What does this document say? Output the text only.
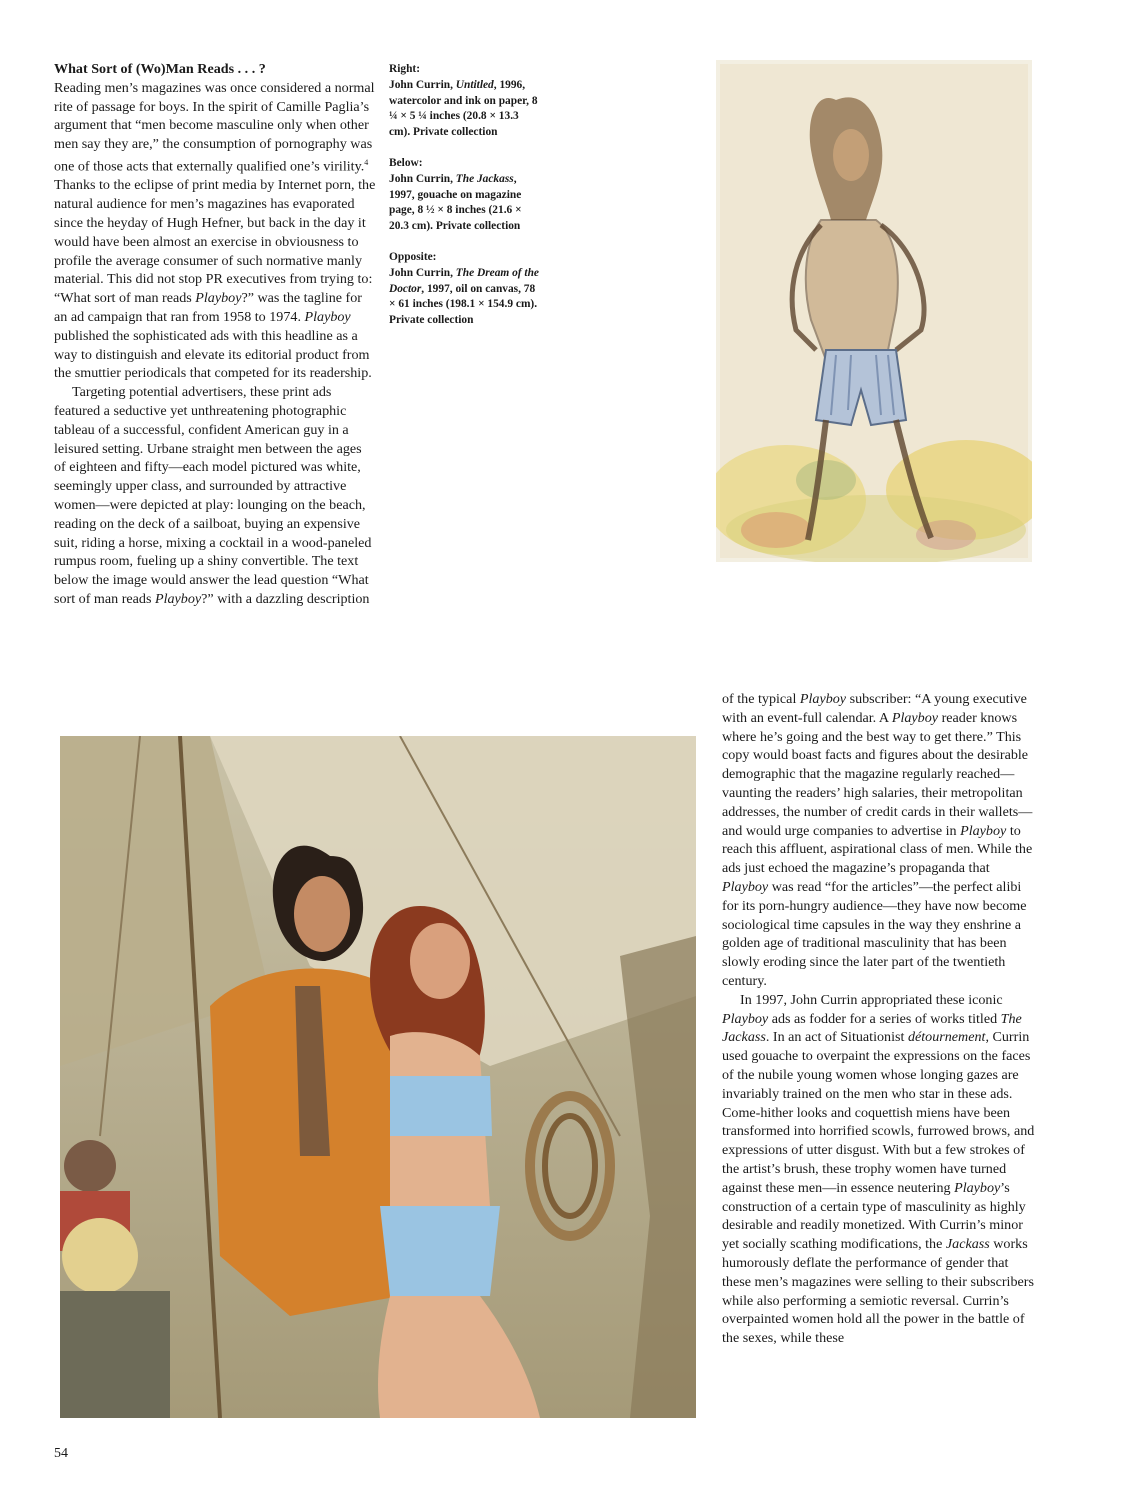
What Sort of (Wo)Man Reads . . . ?

Reading men’s magazines was once considered a normal rite of passage for boys. In the spirit of Camille Paglia’s argument that “men become masculine only when other men say they are,” the consumption of pornography was one of those acts that externally qualified one’s virility.$^4$ Thanks to the eclipse of print media by Internet porn, the natural audience for men’s magazines has evaporated since the heyday of Hugh Hefner, but back in the day it would have been almost an exercise in obviousness to profile the average consumer of such normative manly material. This did not stop PR executives from trying to: “What sort of man reads Playboy?” was the tagline for an ad campaign that ran from 1958 to 1974. Playboy published the sophisticated ads with this headline as a way to distinguish and elevate its editorial product from the smuttier periodicals that competed for its readership.

Targeting potential advertisers, these print ads featured a seductive yet unthreatening photographic tableau of a successful, confident American guy in a leisured setting. Urbane straight men between the ages of eighteen and fifty—each model pictured was white, seemingly upper class, and surrounded by attractive women—were depicted at play: lounging on the beach, reading on the deck of a sailboat, buying an expensive suit, riding a horse, mixing a cocktail in a wood-paneled rumpus room, fueling up a shiny convertible. The text below the image would answer the lead question “What sort of man reads Playboy?” with a dazzling description

Right:
John Currin, Untitled, 1996, watercolor and ink on paper, 8 ¼ × 5 ¼ inches (20.8 × 13.3 cm). Private collection
Below:
John Currin, The Jackass, 1997, gouache on magazine page, 8 ½ × 8 inches (21.6 × 20.3 cm). Private collection
Opposite:
John Currin, The Dream of the Doctor, 1997, oil on canvas, 78 × 61 inches (198.1 × 154.9 cm). Private collection

of the typical Playboy subscriber: “A young executive with an event-full calendar. A Playboy reader knows where he’s going and the best way to get there.” This copy would boast facts and figures about the desirable demographic that the magazine regularly reached—vaunting the readers’ high salaries, their metropolitan addresses, the number of credit cards in their wallets—and would urge companies to advertise in Playboy to reach this affluent, aspirational class of men. While the ads just echoed the magazine’s propaganda that Playboy was read “for the articles”—the perfect alibi for its porn-hungry audience—they have now become sociological time capsules in the way they enshrine a golden age of traditional masculinity that has been slowly eroding since the later part of the twentieth century.

In 1997, John Currin appropriated these iconic Playboy ads as fodder for a series of works titled The Jackass. In an act of Situationist détournement, Currin used gouache to overpaint the expressions on the faces of the nubile young women whose longing gazes are invariably trained on the men who star in these ads. Come-hither looks and coquettish miens have been transformed into horrified scowls, furrowed brows, and expressions of utter disgust. With but a few strokes of the artist’s brush, these trophy women have turned against these men—in essence neutering Playboy’s construction of a certain type of masculinity as highly desirable and readily monetized. With Currin’s minor yet socially scathing modifications, the Jackass works humorously deflate the performance of gender that these men’s magazines were selling to their subscribers while also performing a semiotic reversal. Currin’s overpainted women hold all the power in the battle of the sexes, while these

54
